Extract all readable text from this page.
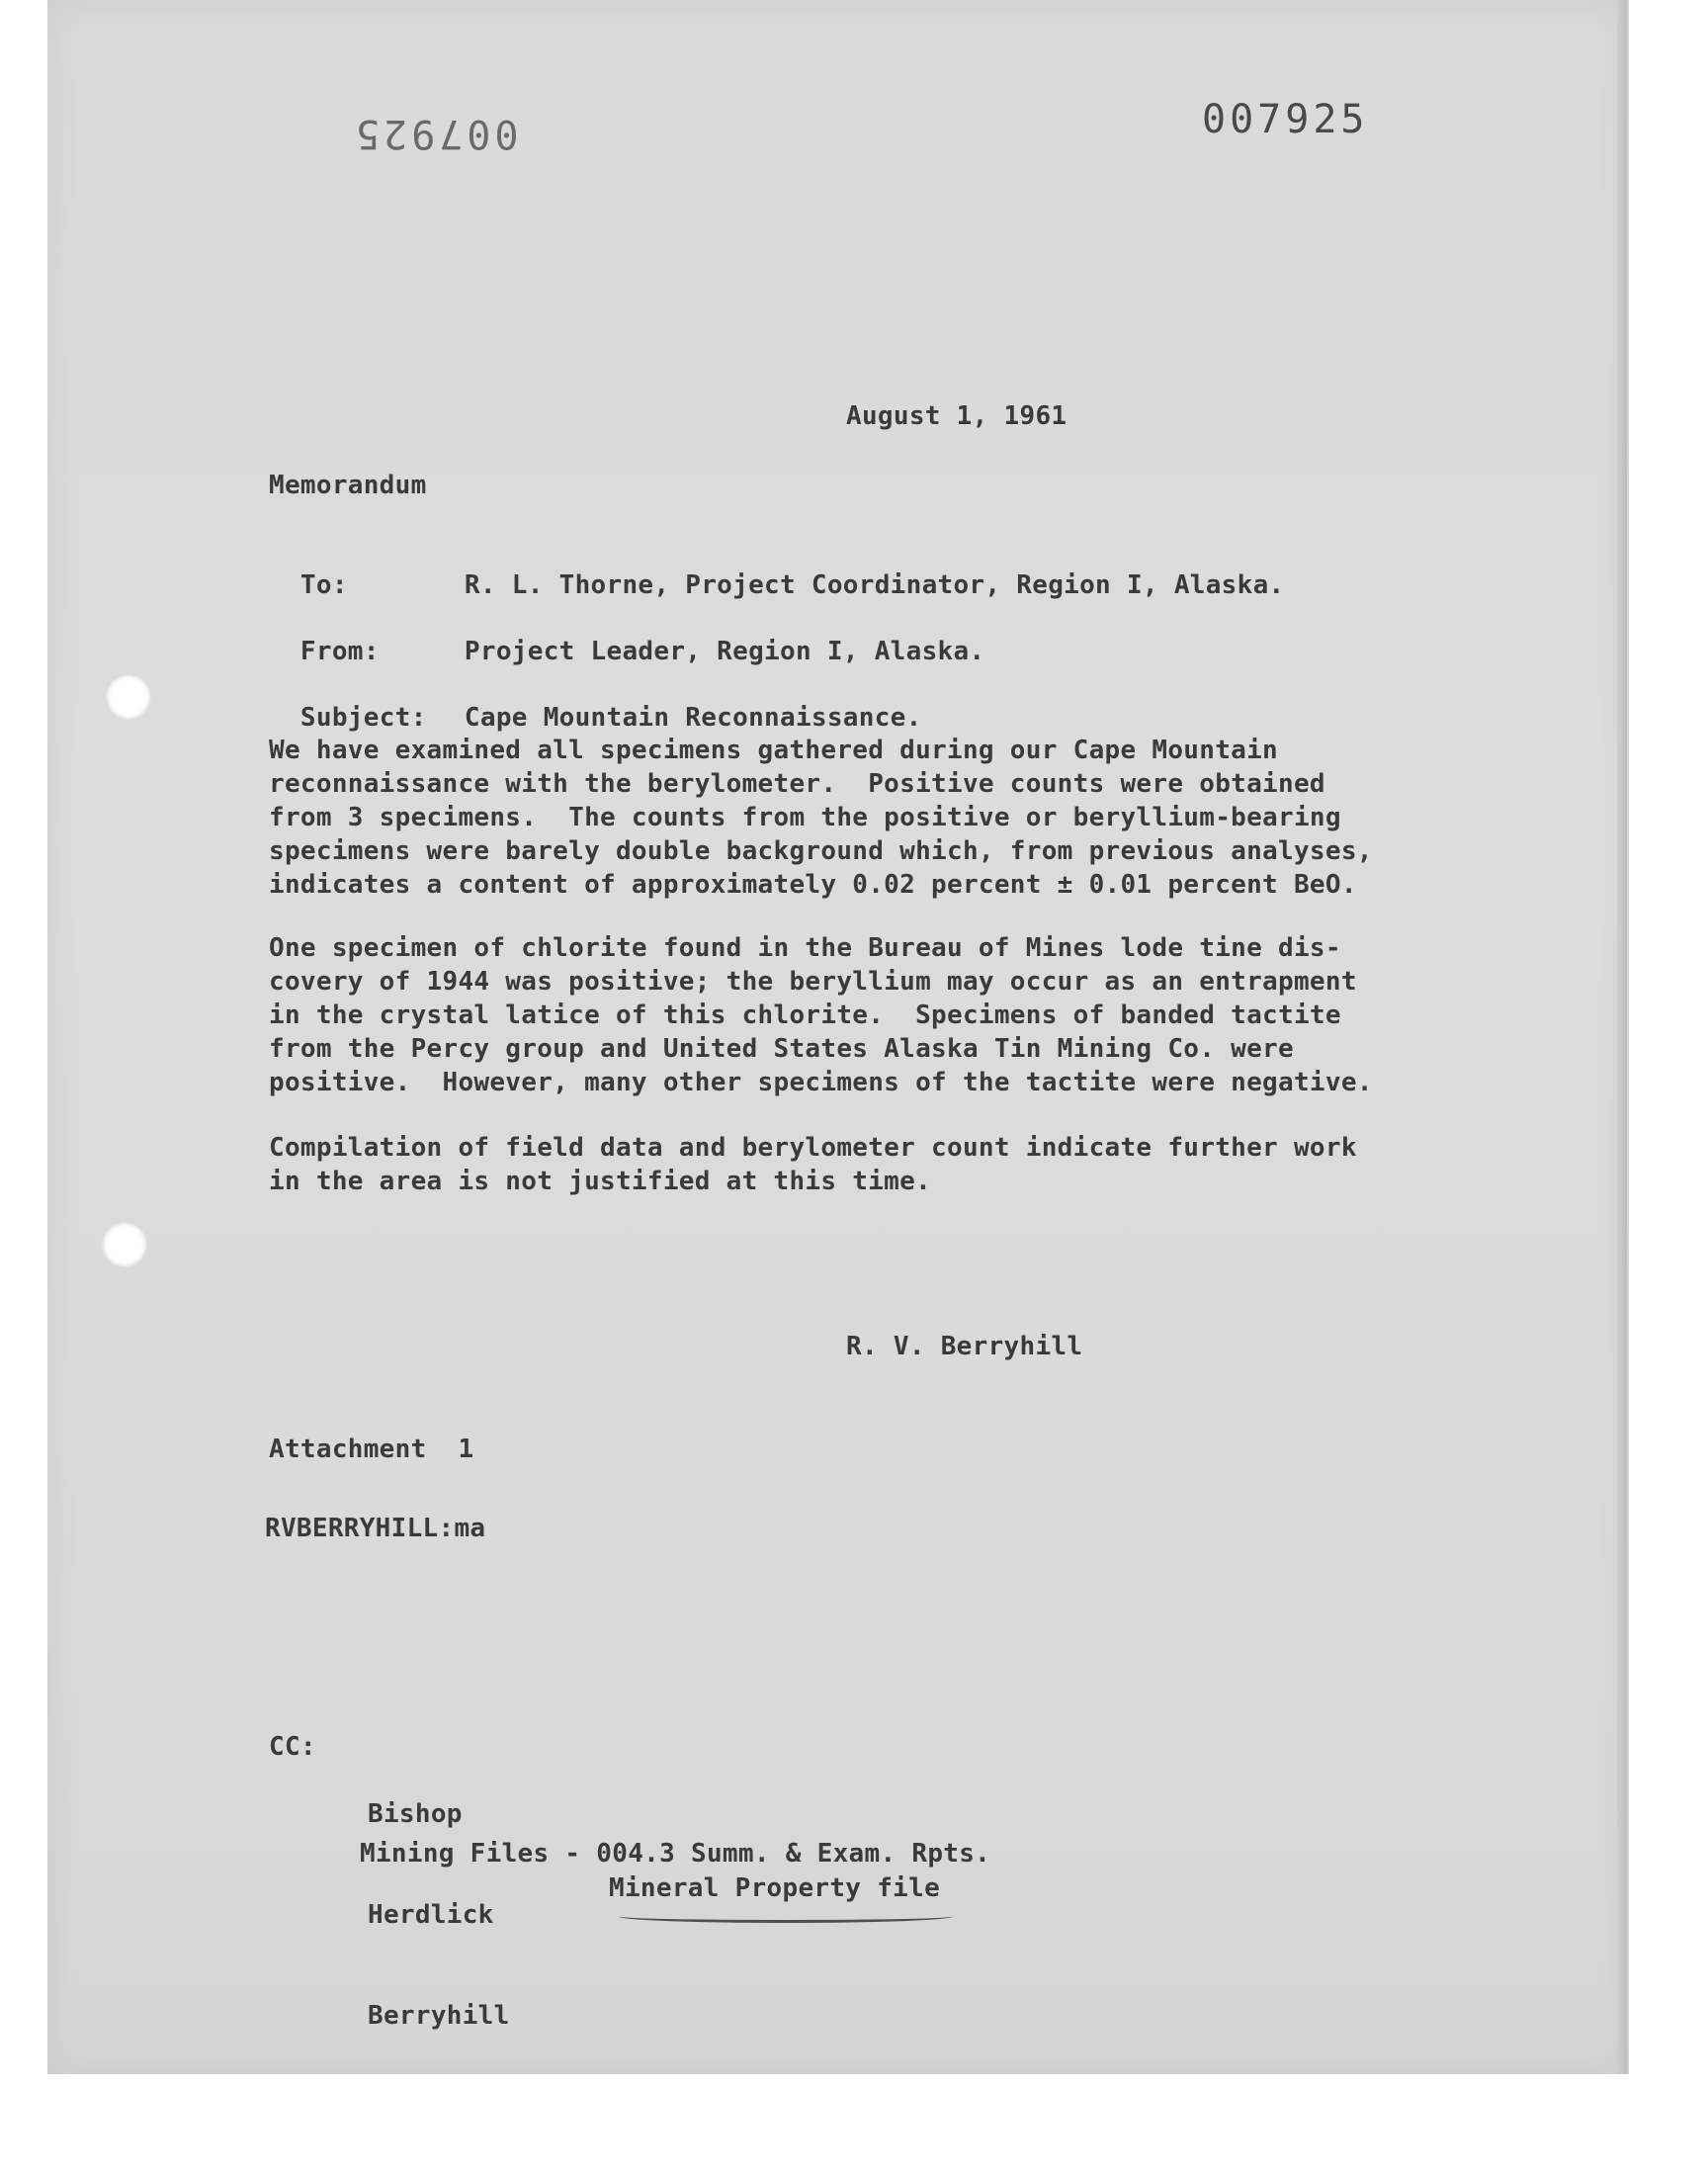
007925	007925
August 1, 1961
Memorandum

To:	R. L. Thorne, Project Coordinator, Region I, Alaska.

From:	Project Leader, Region I, Alaska.

Subject: Cape Mountain Reconnaissance.

We have examined all specimens gathered during our Cape Mountain
reconnaissance with the berylometer.  Positive counts were obtained
from 3 specimens.  The counts from the positive or beryllium-bearing
specimens were barely double background which, from previous analyses,
indicates a content of approximately 0.02 percent ± 0.01 percent BeO.
One specimen of chlorite found in the Bureau of Mines lode tine dis-
covery of 1944 was positive; the beryllium may occur as an entrapment
in the crystal latice of this chlorite.  Specimens of banded tactite
from the Percy group and United States Alaska Tin Mining Co. were
positive.  However, many other specimens of the tactite were negative.
Compilation of field data and berylometer count indicate further work
in the area is not justified at this time.
R. V. Berryhill
Attachment  1
RVBERRYHILL:ma
CC:

Bishop

Herdlick

Berryhill

Mining Files - 004.3 Summ. & Exam. Rpts.
Mineral Property file
